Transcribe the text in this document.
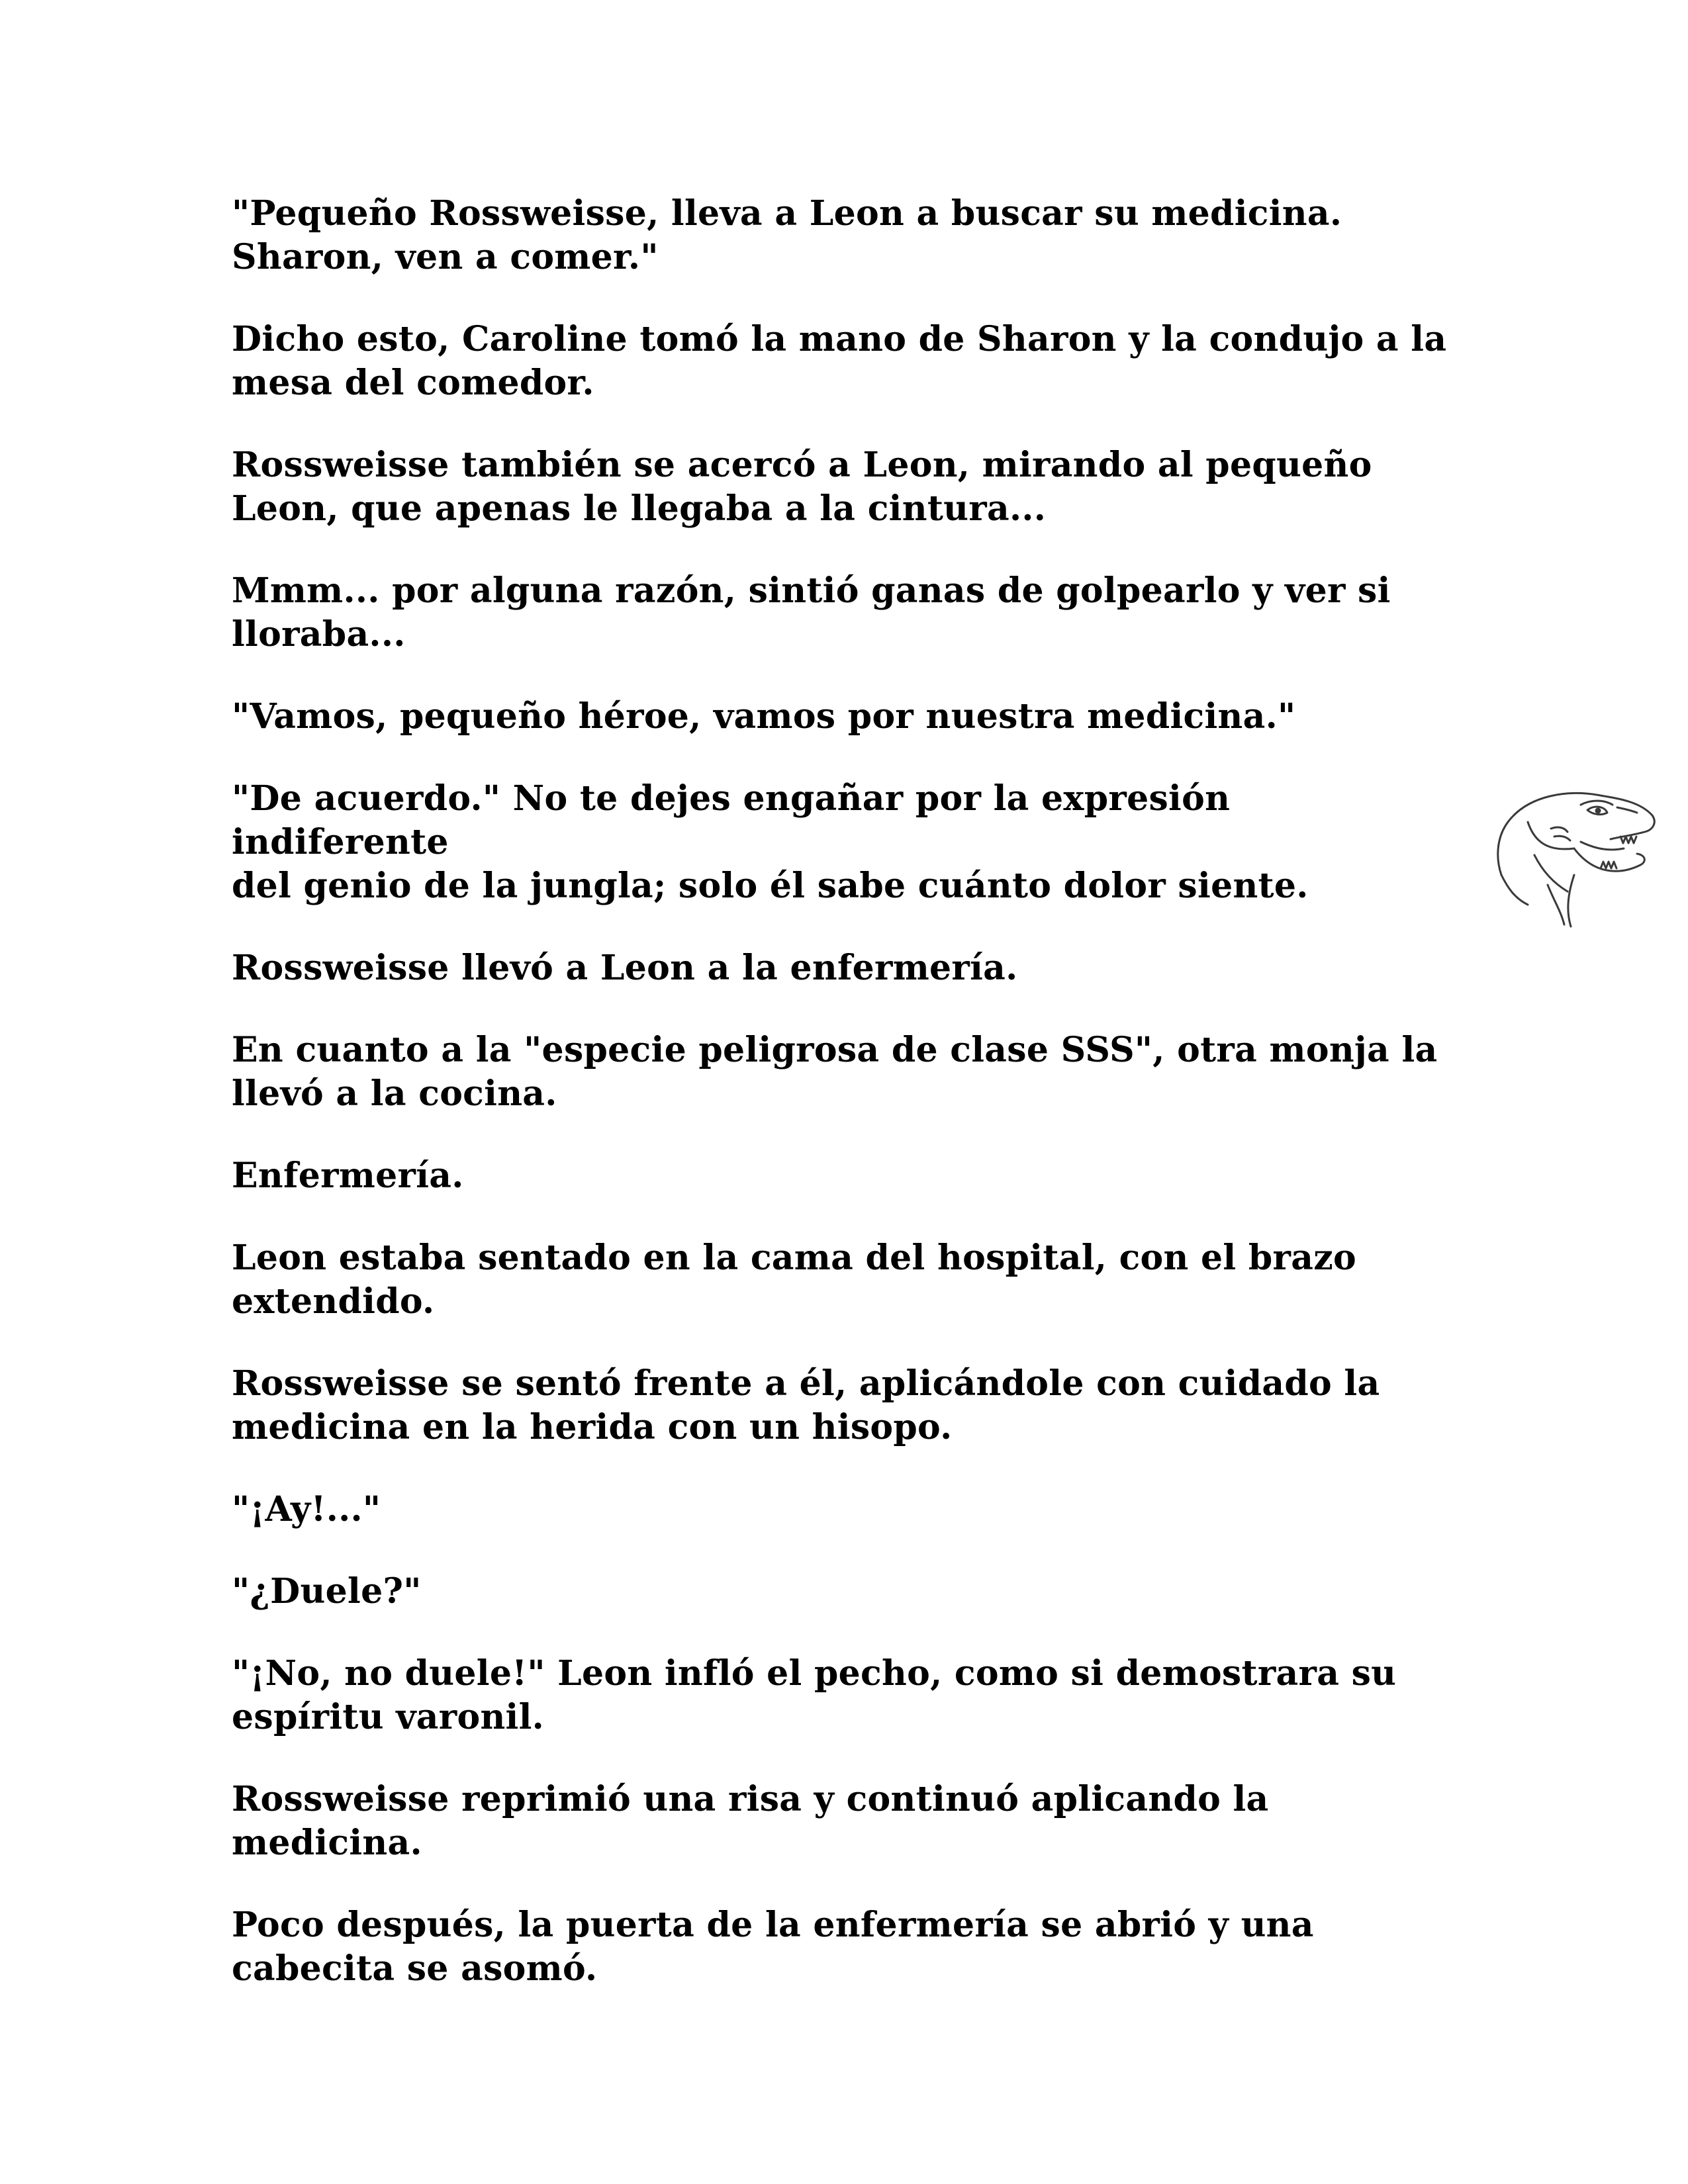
"Pequeño Rossweisse, lleva a Leon a buscar su medicina.
Sharon, ven a comer."

Dicho esto, Caroline tomó la mano de Sharon y la condujo a la
mesa del comedor.

Rossweisse también se acercó a Leon, mirando al pequeño
Leon, que apenas le llegaba a la cintura...

Mmm... por alguna razón, sintió ganas de golpearlo y ver si
lloraba...

"Vamos, pequeño héroe, vamos por nuestra medicina."

"De acuerdo." No te dejes engañar por la expresión indiferente
del genio de la jungla; solo él sabe cuánto dolor siente.

Rossweisse llevó a Leon a la enfermería.

En cuanto a la "especie peligrosa de clase SSS", otra monja la
llevó a la cocina.

Enfermería.

Leon estaba sentado en la cama del hospital, con el brazo
extendido.

Rossweisse se sentó frente a él, aplicándole con cuidado la
medicina en la herida con un hisopo.

"¡Ay!..."

"¿Duele?"

"¡No, no duele!" Leon infló el pecho, como si demostrara su
espíritu varonil.

Rossweisse reprimió una risa y continuó aplicando la
medicina.

Poco después, la puerta de la enfermería se abrió y una
cabecita se asomó.
